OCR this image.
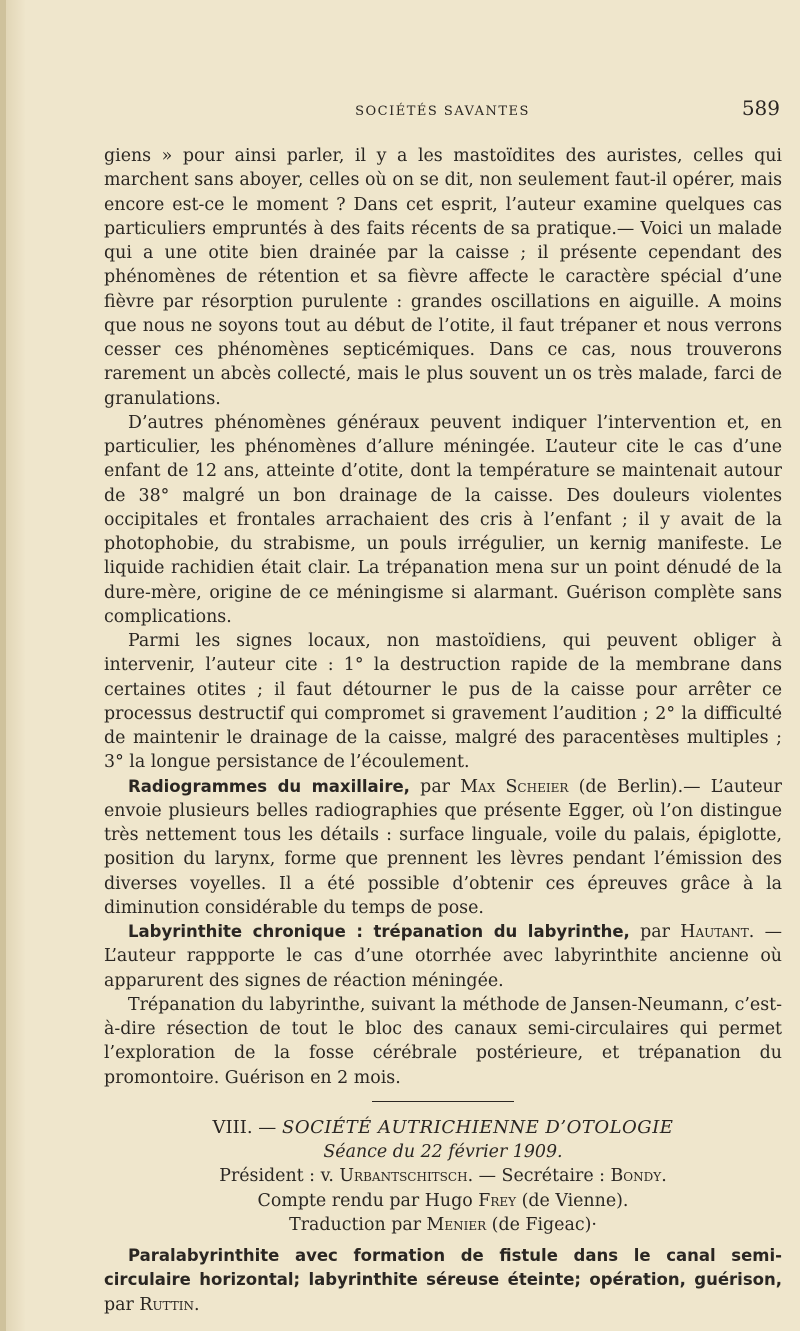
SOCIÉTÉS SAVANTES	589

giens » pour ainsi parler, il y a les mastoïdites des auristes, celles qui marchent sans aboyer, celles où on se dit, non seulement faut-il opérer, mais encore est-ce le moment ? Dans cet esprit, l’auteur examine quelques cas particuliers empruntés à des faits récents de sa pratique.— Voici un malade qui a une otite bien drainée par la caisse ; il présente cependant des phénomènes de rétention et sa fièvre affecte le caractère spécial d’une fièvre par résorption purulente : grandes oscillations en aiguille. A moins que nous ne soyons tout au début de l’otite, il faut trépaner et nous verrons cesser ces phénomènes septicémiques. Dans ce cas, nous trouverons rarement un abcès collecté, mais le plus souvent un os très malade, farci de granulations.

D’autres phénomènes généraux peuvent indiquer l’intervention et, en particulier, les phénomènes d’allure méningée. L’auteur cite le cas d’une enfant de 12 ans, atteinte d’otite, dont la température se maintenait autour de 38° malgré un bon drainage de la caisse. Des douleurs violentes occipitales et frontales arrachaient des cris à l’enfant ; il y avait de la photophobie, du strabisme, un pouls irrégulier, un kernig manifeste. Le liquide rachidien était clair. La trépanation mena sur un point dénudé de la dure-mère, origine de ce méningisme si alarmant. Guérison complète sans complications.

Parmi les signes locaux, non mastoïdiens, qui peuvent obliger à intervenir, l’auteur cite : 1° la destruction rapide de la membrane dans certaines otites ; il faut détourner le pus de la caisse pour arrêter ce processus destructif qui compromet si gravement l’audition ; 2° la difficulté de maintenir le drainage de la caisse, malgré des paracentèses multiples ; 3° la longue persistance de l’écoulement.

Radiogrammes du maxillaire, par Max Scheier (de Berlin).— L’auteur envoie plusieurs belles radiographies que présente Egger, où l’on distingue très nettement tous les détails : surface linguale, voile du palais, épiglotte, position du larynx, forme que prennent les lèvres pendant l’émission des diverses voyelles. Il a été possible d’obtenir ces épreuves grâce à la diminution considérable du temps de pose.

Labyrinthite chronique : trépanation du labyrinthe, par Hautant. — L’auteur rappporte le cas d’une otorrhée avec labyrinthite ancienne où apparurent des signes de réaction méningée.

Trépanation du labyrinthe, suivant la méthode de Jansen-Neumann, c’est-à-dire résection de tout le bloc des canaux semi-circulaires qui permet l’exploration de la fosse cérébrale postérieure, et trépanation du promontoire. Guérison en 2 mois.

VIII. — SOCIÉTÉ AUTRICHIENNE D’OTOLOGIE
Séance du 22 février 1909.
Président : v. Urbantschitsch. — Secrétaire : Bondy.
Compte rendu par Hugo Frey (de Vienne).
Traduction par Menier (de Figeac)·

Paralabyrinthite avec formation de fistule dans le canal semi-circulaire horizontal; labyrinthite séreuse éteinte; opération, guérison, par Ruttin.
